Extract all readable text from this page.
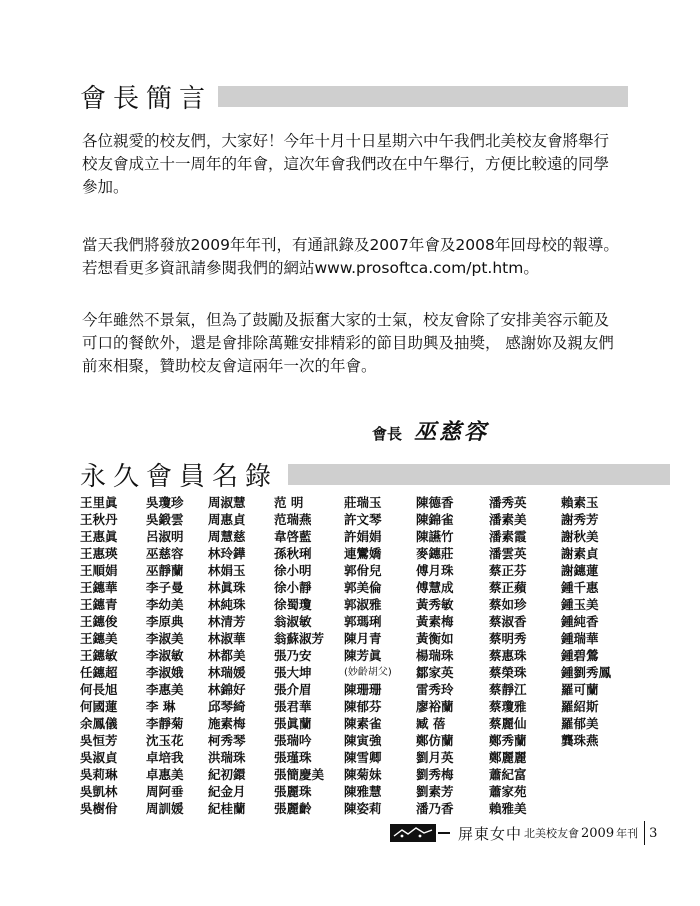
會長簡言

各位親愛的校友們，大家好！今年十月十日星期六中午我們北美校友會將舉行校友會成立十一周年的年會，這次年會我們改在中午舉行，方便比較遠的同學參加。

當天我們將發放2009年年刊，有通訊錄及2007年會及2008年回母校的報導。若想看更多資訊請參閱我們的網站www.prosoftca.com/pt.htm。

今年雖然不景氣，但為了鼓勵及振奮大家的士氣，校友會除了安排美容示範及可口的餐飲外，還是會排除萬難安排精彩的節目助興及抽獎， 感謝妳及親友們前來相聚，贊助校友會這兩年一次的年會。

會長 巫慈容
永久會員名錄
王里眞
王秋丹
王惠眞
王惠瑛
王順娟
王鏸華
王鏸青
王鏸俊
王鏸美
王鏸敏
任鏸超
何長旭
何國蓮
余鳳儀
吳恒芳
吳淑貞
吳莉琳
吳凱林
吳樹佾
吳瓊珍
吳鍛雲
呂淑明
巫慈容
巫靜蘭
李子曼
李幼美
李原典
李淑美
李淑敏
李淑娥
李惠美
李 琳
李靜菊
沈玉花
卓培我
卓惠美
周阿垂
周訓媛
周淑慧
周惠貞
周慧慈
林玲鏵
林娟玉
林眞珠
林純珠
林清芳
林淑華
林都美
林瑞媛
林錦好
邱琴綺
施素梅
柯秀琴
洪瑞珠
紀初鐶
紀金月
紀桂蘭
范 明
范瑞燕
韋啓藍
孫秋琍
徐小明
徐小靜
徐蜀瓊
翁淑敏
翁蘇淑芳
張乃安
張大坤
張介眉
張君華
張眞蘭
張瑞吟
張瑾珠
張簡慶美
張麗珠
張麗齡
莊瑞玉
許文琴
許娟娟
連鸞嬌
郭佾兒
郭美倫
郭淑雅
郭瑪琍
陳月青
陳芳眞
(妙齡胡父)
陳珊珊
陳郁芬
陳素雀
陳寅強
陳雪卿
陳菊妹
陳雅慧
陳姿莉
陳德香
陳錦雀
陳讌竹
麥鏸莊
傅月珠
傅慧成
黃秀敏
黃素梅
黃衡如
楊瑞珠
鄒家英
雷秀玲
廖裕蘭
臧 蓓
鄭仿蘭
劉月英
劉秀梅
劉素芳
潘乃香
潘秀英
潘素美
潘素霞
潘雲英
蔡正芬
蔡正蘋
蔡如珍
蔡淑香
蔡明秀
蔡惠珠
蔡榮珠
蔡靜江
蔡瓊雅
蔡麗仙
鄭秀蘭
鄭麗麗
蕭紀富
蕭家苑
賴雅美
賴素玉
謝秀芳
謝秋美
謝素貞
謝鏸蓮
鍾千惠
鍾玉美
鍾純香
鍾瑞華
鍾碧鶯
鍾劉秀鳳
羅可蘭
羅紹斯
羅郁美
龔珠燕
屏東女中 北美校友會 2009 年刊 3
